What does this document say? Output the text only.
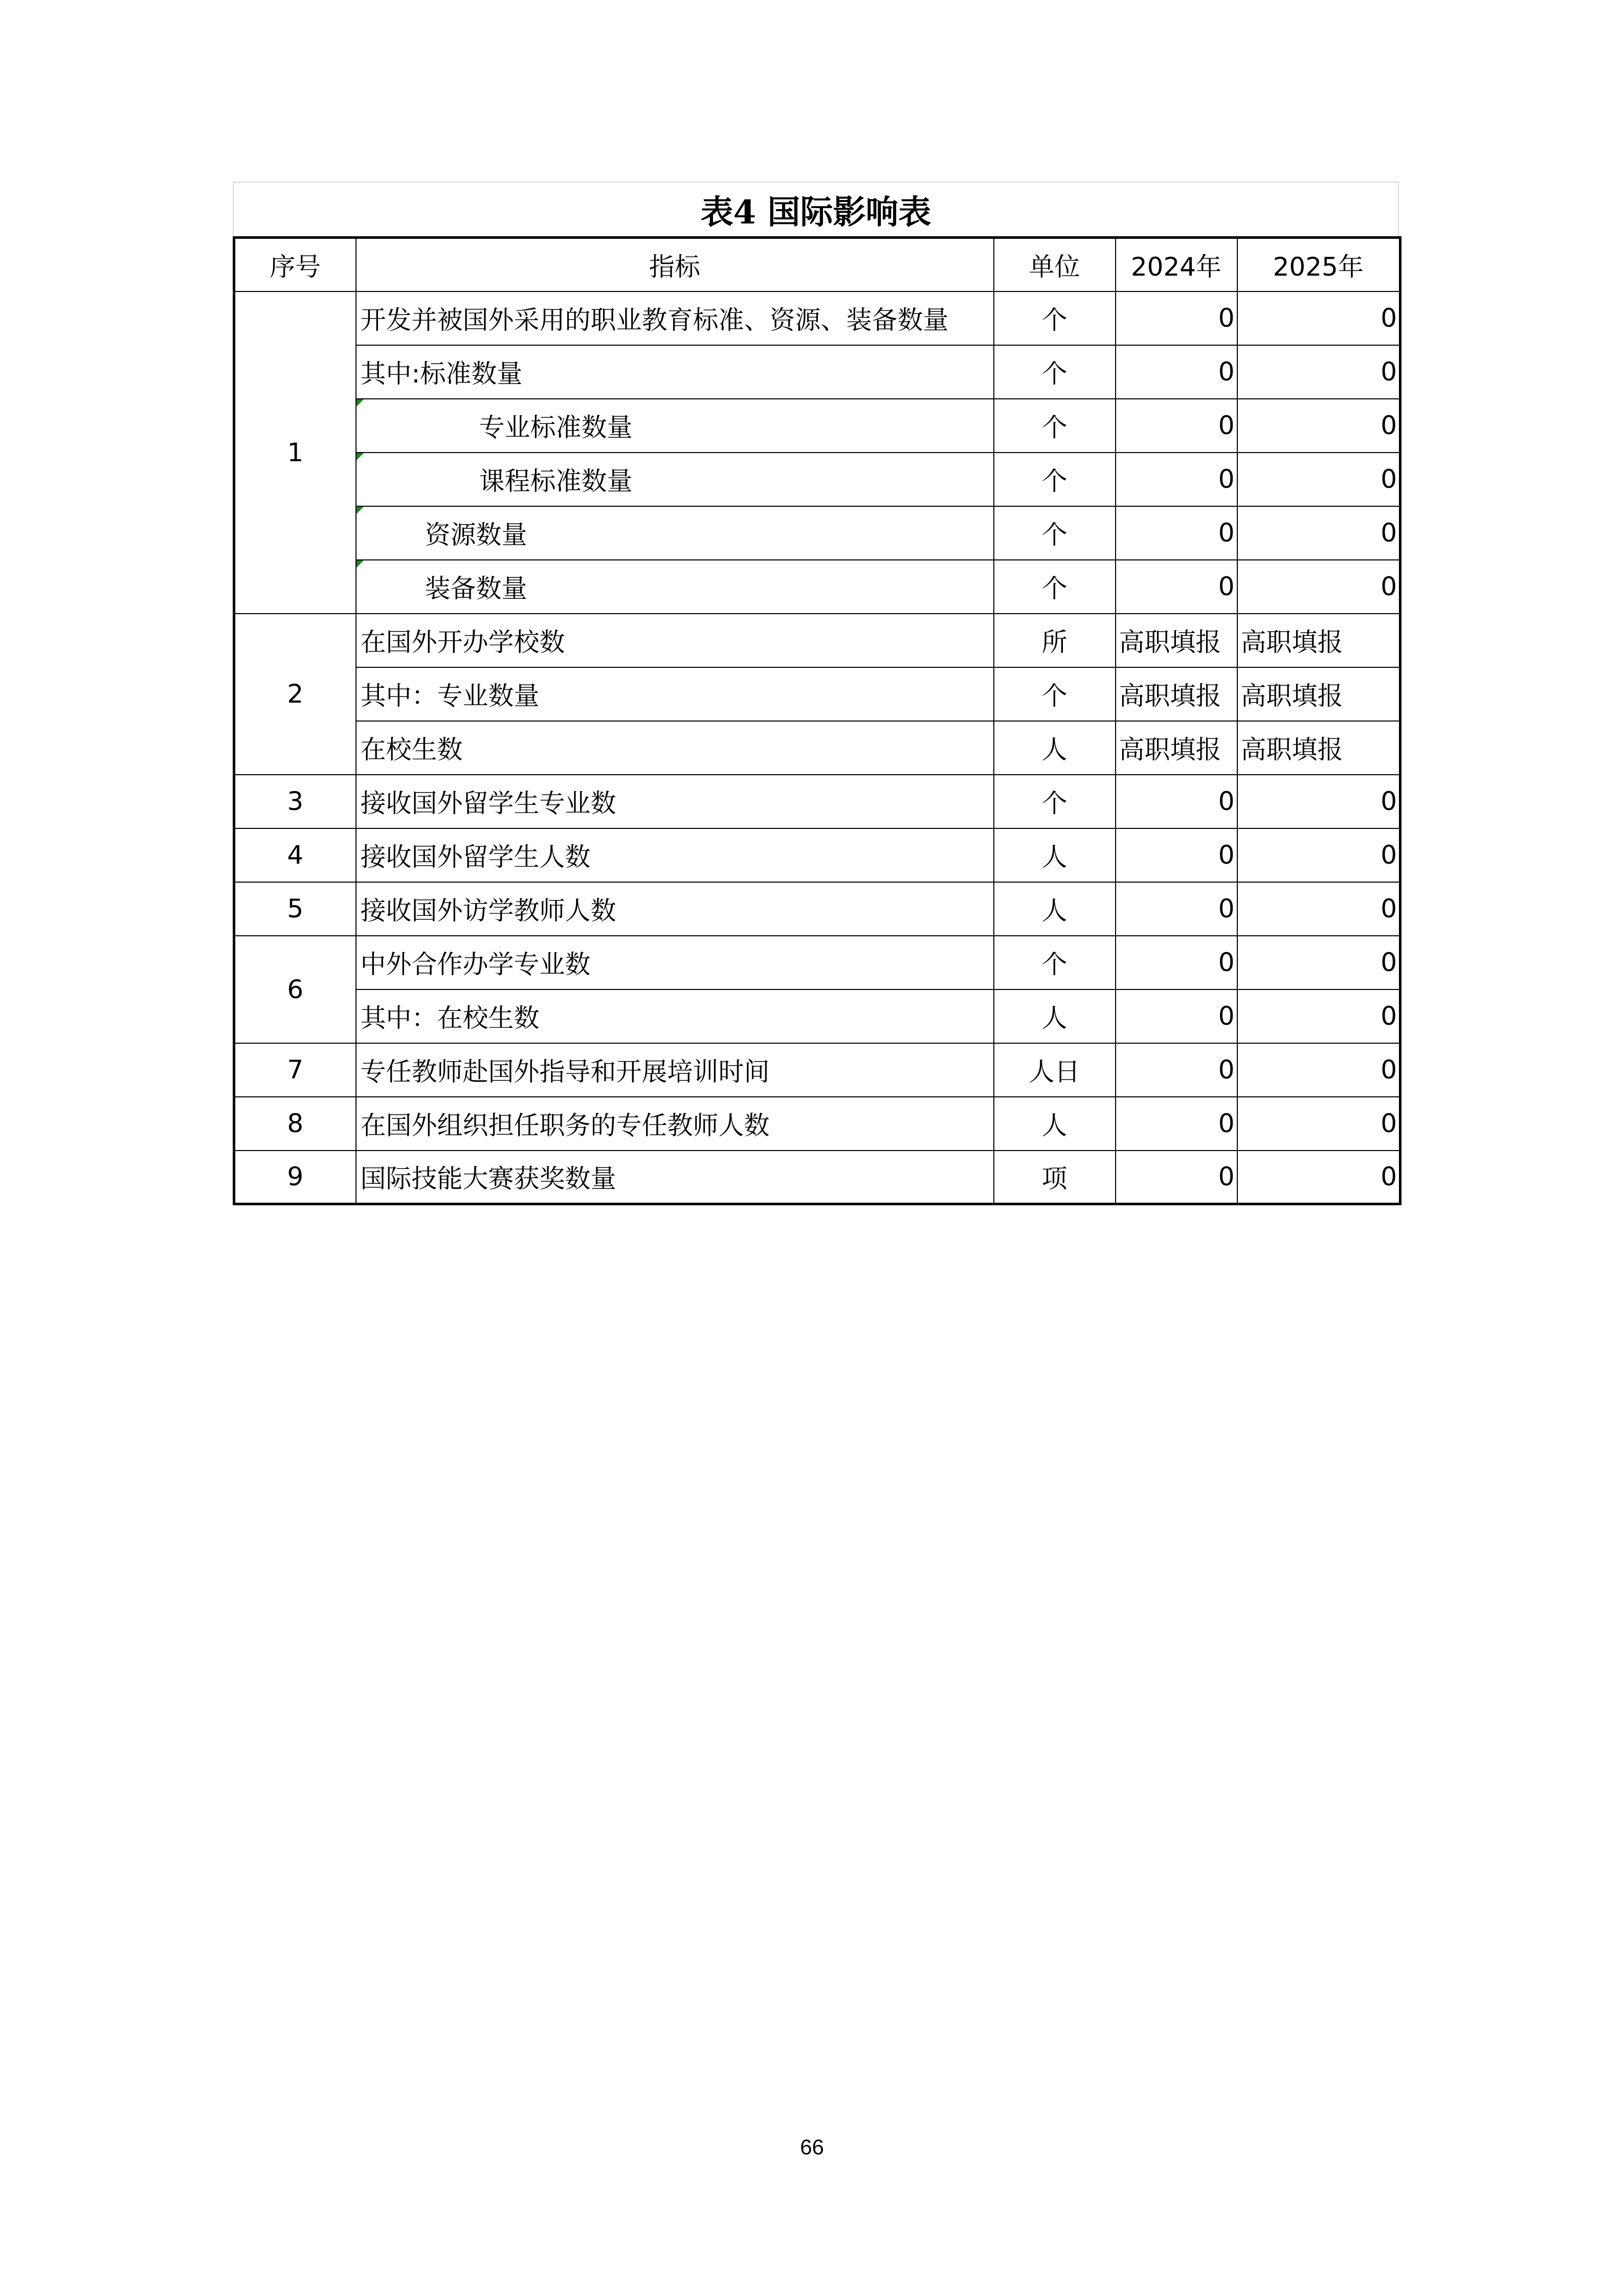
表4 国际影响表
序号	指标	单位	2024年	2025年
1	开发并被国外采用的职业教育标准、资源、装备数量	个	0	0
	其中:标准数量	个	0	0
	专业标准数量	个	0	0
	课程标准数量	个	0	0
	资源数量	个	0	0
	装备数量	个	0	0
2	在国外开办学校数	所	高职填报	高职填报
	其中：专业数量	个	高职填报	高职填报
	在校生数	人	高职填报	高职填报
3	接收国外留学生专业数	个	0	0
4	接收国外留学生人数	人	0	0
5	接收国外访学教师人数	人	0	0
6	中外合作办学专业数	个	0	0
	其中：在校生数	人	0	0
7	专任教师赴国外指导和开展培训时间	人日	0	0
8	在国外组织担任职务的专任教师人数	人	0	0
9	国际技能大赛获奖数量	项	0	0
66
